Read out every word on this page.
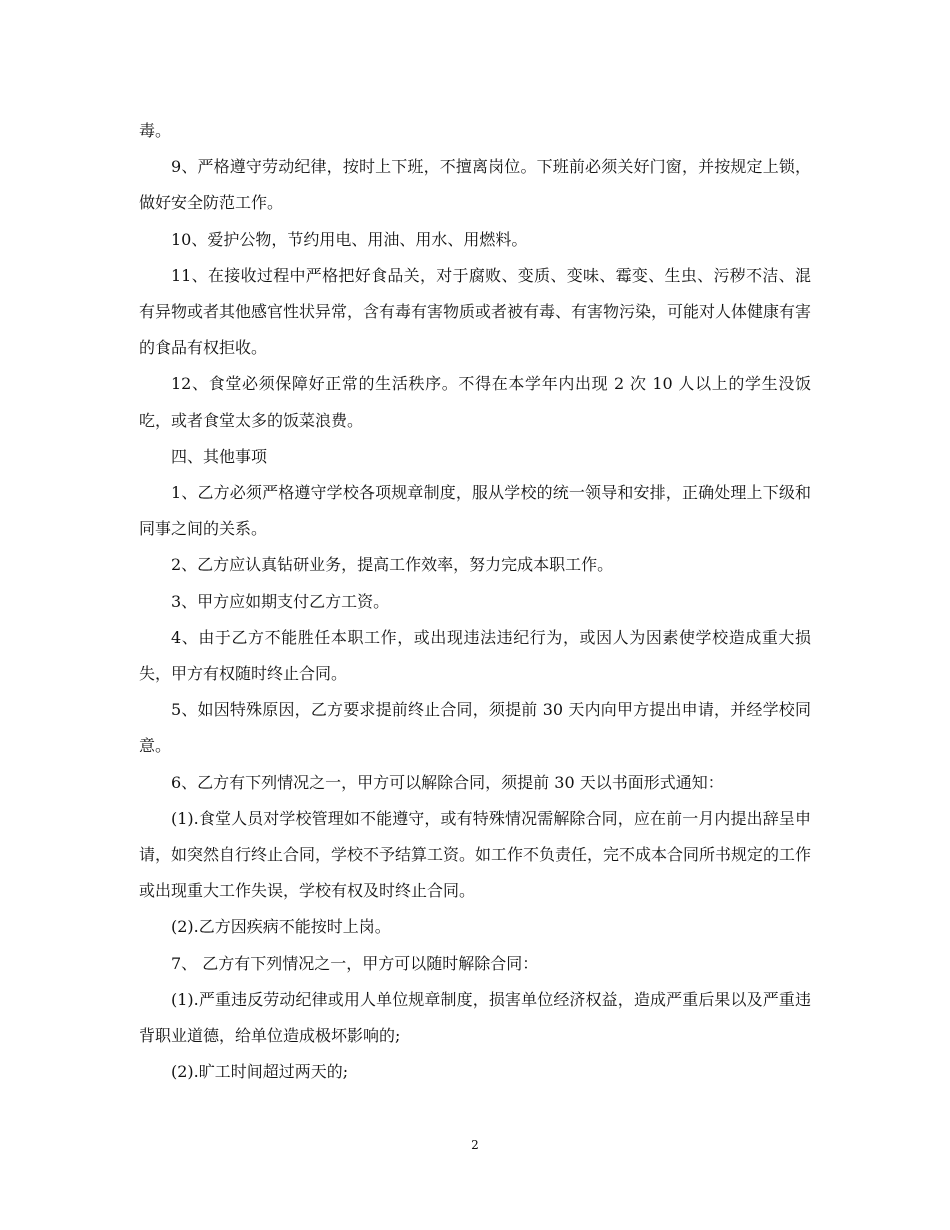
毒。

9、严格遵守劳动纪律，按时上下班，不擅离岗位。下班前必须关好门窗，并按规定上锁，做好安全防范工作。

10、爱护公物，节约用电、用油、用水、用燃料。

11、在接收过程中严格把好食品关，对于腐败、变质、变味、霉变、生虫、污秽不洁、混有异物或者其他感官性状异常，含有毒有害物质或者被有毒、有害物污染，可能对人体健康有害的食品有权拒收。

12、食堂必须保障好正常的生活秩序。不得在本学年内出现 2 次 10 人以上的学生没饭吃，或者食堂太多的饭菜浪费。

四、其他事项

1、乙方必须严格遵守学校各项规章制度，服从学校的统一领导和安排，正确处理上下级和同事之间的关系。

2、乙方应认真钻研业务，提高工作效率，努力完成本职工作。

3、甲方应如期支付乙方工资。

4、由于乙方不能胜任本职工作，或出现违法违纪行为，或因人为因素使学校造成重大损失，甲方有权随时终止合同。

5、如因特殊原因，乙方要求提前终止合同，须提前 30 天内向甲方提出申请，并经学校同意。

6、乙方有下列情况之一，甲方可以解除合同，须提前 30 天以书面形式通知：

(1).食堂人员对学校管理如不能遵守，或有特殊情况需解除合同，应在前一月内提出辞呈申请，如突然自行终止合同，学校不予结算工资。如工作不负责任，完不成本合同所书规定的工作或出现重大工作失误，学校有权及时终止合同。

(2).乙方因疾病不能按时上岗。

7、 乙方有下列情况之一，甲方可以随时解除合同：

(1).严重违反劳动纪律或用人单位规章制度，损害单位经济权益，造成严重后果以及严重违背职业道德，给单位造成极坏影响的;

(2).旷工时间超过两天的;

2
